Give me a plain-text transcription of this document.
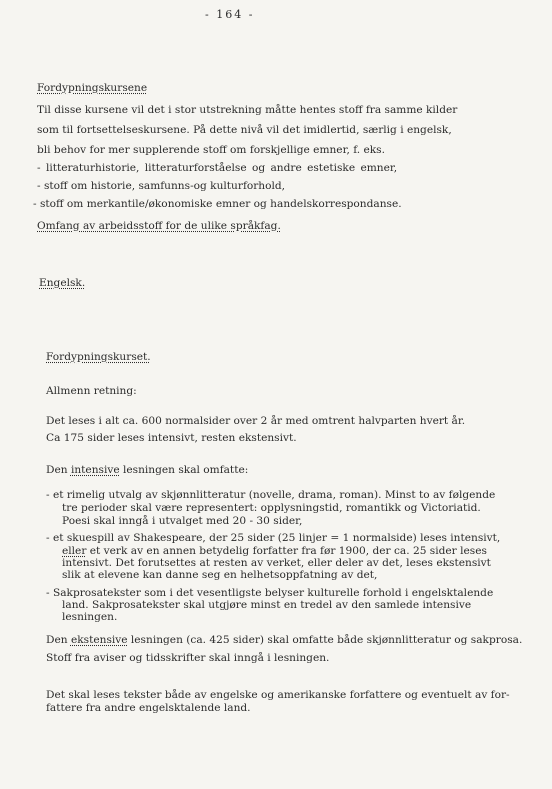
- 164 -
Fordypningskursene
Til disse kursene vil det i stor utstrekning måtte hentes stoff fra samme kilder
som til fortsettelseskursene. På dette nivå vil det imidlertid, særlig i engelsk,
bli behov for mer supplerende stoff om forskjellige emner, f. eks.
- litteraturhistorie, litteraturforståelse og andre estetiske emner,
- stoff om historie, samfunns-og kulturforhold,
- stoff om merkantile/økonomiske emner og handelskorrespondanse.
Omfang av arbeidsstoff for de ulike språkfag.
Engelsk.
Fordypningskurset.
Allmenn retning:
Det leses i alt ca. 600 normalsider over 2 år med omtrent halvparten hvert år.
Ca 175 sider leses intensivt, resten ekstensivt.
Den intensive lesningen skal omfatte:
- et rimelig utvalg av skjønnlitteratur (novelle, drama, roman). Minst to av følgende
tre perioder skal være representert: opplysningstid, romantikk og Victoriatid.
Poesi skal inngå i utvalget med 20 - 30 sider,
- et skuespill av Shakespeare, der 25 sider (25 linjer = 1 normalside) leses intensivt,
eller et verk av en annen betydelig forfatter fra før 1900, der ca. 25 sider leses
intensivt. Det forutsettes at resten av verket, eller deler av det, leses ekstensivt
slik at elevene kan danne seg en helhetsoppfatning av det,
- Sakprosatekster som i det vesentligste belyser kulturelle forhold i engelsktalende
land. Sakprosatekster skal utgjøre minst en tredel av den samlede intensive
lesningen.
Den ekstensive lesningen (ca. 425 sider) skal omfatte både skjønnlitteratur og sakprosa.
Stoff fra aviser og tidsskrifter skal inngå i lesningen.
Det skal leses tekster både av engelske og amerikanske forfattere og eventuelt av for-
fattere fra andre engelsktalende land.
